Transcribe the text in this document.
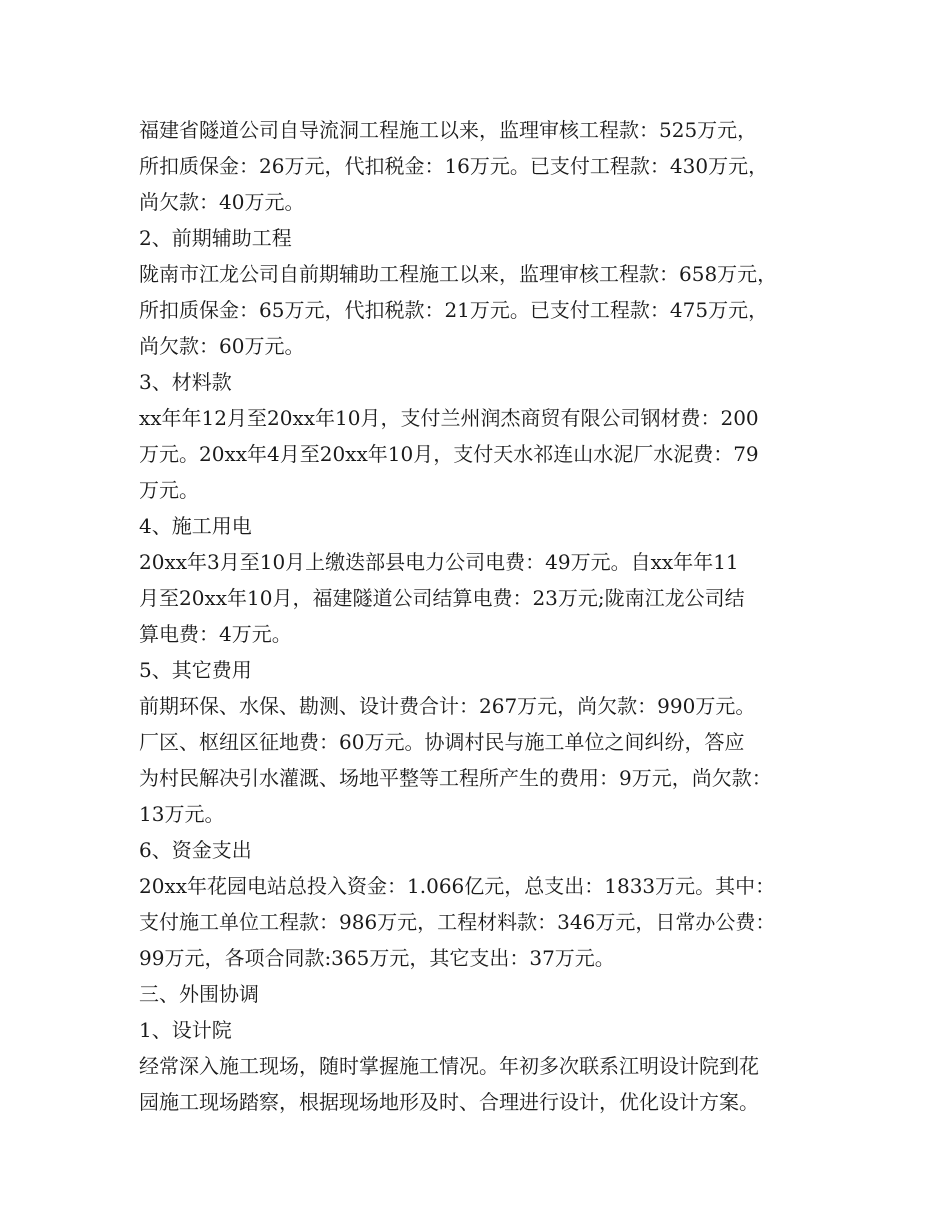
福建省隧道公司自导流洞工程施工以来，监理审核工程款：525万元，
所扣质保金：26万元，代扣税金：16万元。已支付工程款：430万元，
尚欠款：40万元。
2、前期辅助工程
陇南市江龙公司自前期辅助工程施工以来，监理审核工程款：658万元，
所扣质保金：65万元，代扣税款：21万元。已支付工程款：475万元，
尚欠款：60万元。
3、材料款
xx年年12月至20xx年10月，支付兰州润杰商贸有限公司钢材费：200
万元。20xx年4月至20xx年10月，支付天水祁连山水泥厂水泥费：79
万元。
4、施工用电
20xx年3月至10月上缴迭部县电力公司电费：49万元。自xx年年11
月至20xx年10月，福建隧道公司结算电费：23万元;陇南江龙公司结
算电费：4万元。
5、其它费用
前期环保、水保、勘测、设计费合计：267万元，尚欠款：990万元。
厂区、枢纽区征地费：60万元。协调村民与施工单位之间纠纷，答应
为村民解决引水灌溉、场地平整等工程所产生的费用：9万元，尚欠款：
13万元。
6、资金支出
20xx年花园电站总投入资金：1.066亿元，总支出：1833万元。其中：
支付施工单位工程款：986万元，工程材料款：346万元，日常办公费：
99万元，各项合同款:365万元，其它支出：37万元。
三、外围协调
1、设计院
经常深入施工现场，随时掌握施工情况。年初多次联系江明设计院到花
园施工现场踏察，根据现场地形及时、合理进行设计，优化设计方案。
